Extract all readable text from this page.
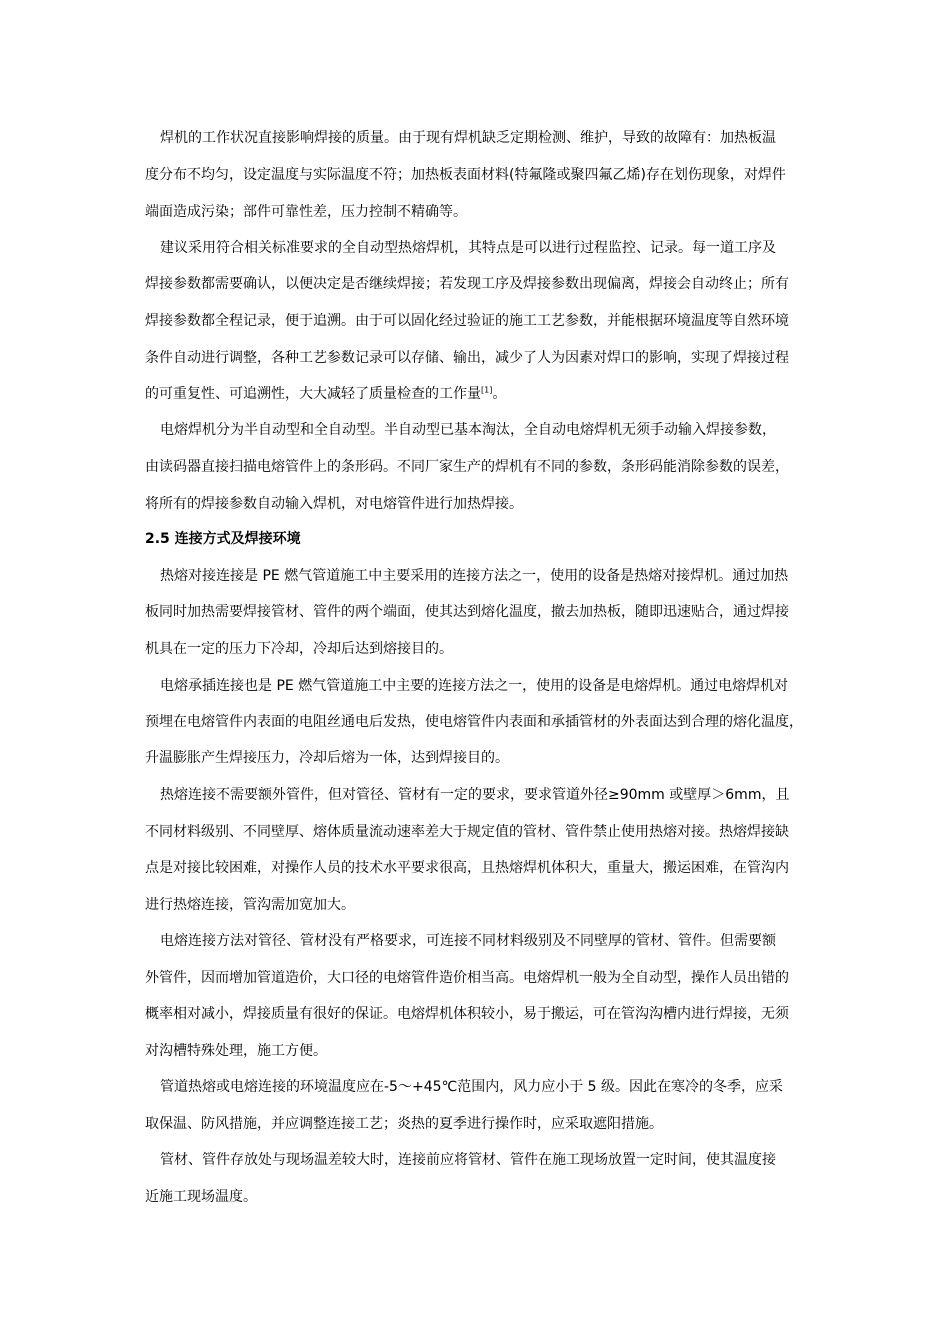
焊机的工作状况直接影响焊接的质量。由于现有焊机缺乏定期检测、维护，导致的故障有：加热板温
度分布不均匀，设定温度与实际温度不符；加热板表面材料(特氟隆或聚四氟乙烯)存在划伤现象，对焊件
端面造成污染；部件可靠性差，压力控制不精确等。
建议采用符合相关标准要求的全自动型热熔焊机，其特点是可以进行过程监控、记录。每一道工序及
焊接参数都需要确认，以便决定是否继续焊接；若发现工序及焊接参数出现偏离，焊接会自动终止；所有
焊接参数都全程记录，便于追溯。由于可以固化经过验证的施工工艺参数，并能根据环境温度等自然环境
条件自动进行调整，各种工艺参数记录可以存储、输出，减少了人为因素对焊口的影响，实现了焊接过程
的可重复性、可追溯性，大大减轻了质量检查的工作量[1]。
电熔焊机分为半自动型和全自动型。半自动型已基本淘汰，全自动电熔焊机无须手动输入焊接参数，
由读码器直接扫描电熔管件上的条形码。不同厂家生产的焊机有不同的参数，条形码能消除参数的误差，
将所有的焊接参数自动输入焊机，对电熔管件进行加热焊接。
2.5 连接方式及焊接环境
热熔对接连接是 PE 燃气管道施工中主要采用的连接方法之一，使用的设备是热熔对接焊机。通过加热
板同时加热需要焊接管材、管件的两个端面，使其达到熔化温度，撤去加热板，随即迅速贴合，通过焊接
机具在一定的压力下冷却，冷却后达到熔接目的。
电熔承插连接也是 PE 燃气管道施工中主要的连接方法之一，使用的设备是电熔焊机。通过电熔焊机对
预埋在电熔管件内表面的电阻丝通电后发热，使电熔管件内表面和承插管材的外表面达到合理的熔化温度，
升温膨胀产生焊接压力，冷却后熔为一体，达到焊接目的。
热熔连接不需要额外管件，但对管径、管材有一定的要求，要求管道外径≥90mm 或壁厚＞6mm，且
不同材料级别、不同壁厚、熔体质量流动速率差大于规定值的管材、管件禁止使用热熔对接。热熔焊接缺
点是对接比较困难，对操作人员的技术水平要求很高，且热熔焊机体积大，重量大，搬运困难，在管沟内
进行热熔连接，管沟需加宽加大。
电熔连接方法对管径、管材没有严格要求，可连接不同材料级别及不同壁厚的管材、管件。但需要额
外管件，因而增加管道造价，大口径的电熔管件造价相当高。电熔焊机一般为全自动型，操作人员出错的
概率相对减小，焊接质量有很好的保证。电熔焊机体积较小，易于搬运，可在管沟沟槽内进行焊接，无须
对沟槽特殊处理，施工方便。
管道热熔或电熔连接的环境温度应在-5～+45℃范围内，风力应小于 5 级。因此在寒冷的冬季，应采
取保温、防风措施，并应调整连接工艺；炎热的夏季进行操作时，应采取遮阳措施。
管材、管件存放处与现场温差较大时，连接前应将管材、管件在施工现场放置一定时间，使其温度接
近施工现场温度。
